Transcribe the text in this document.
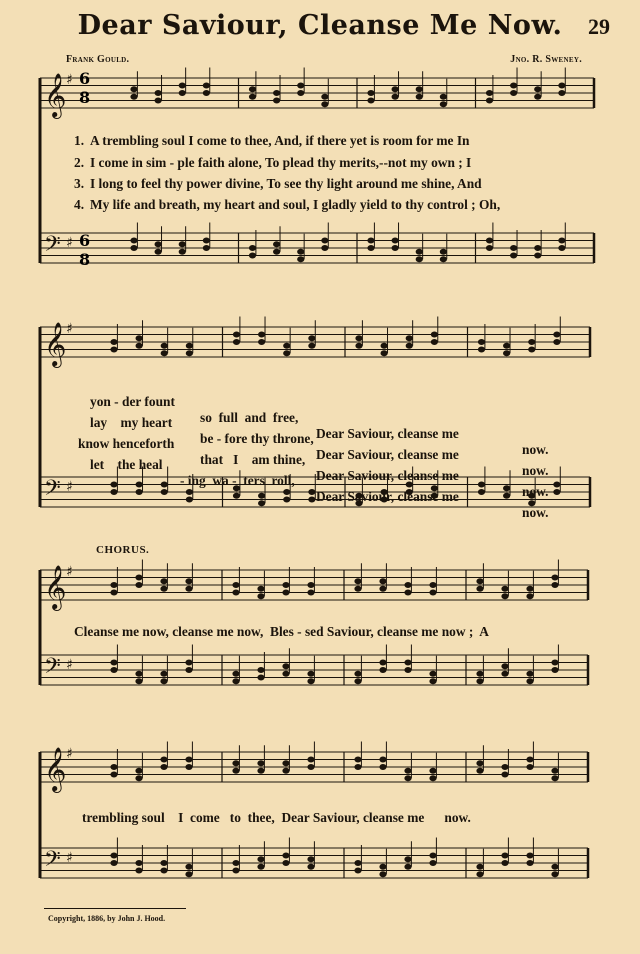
Dear Saviour, Cleanse Me Now.	29
Frank Gould.	Jno. R. Sweney.
𝄞 ♯
𝄢 ♯
𝄞 ♯
𝄢 ♯
𝄞 ♯
𝄢 ♯
𝄞 ♯
𝄢 ♯
6
8
6
8
1. A trembling soul I come to thee, And, if there yet is room for me In
2. I come in sim - ple faith alone, To plead thy merits,--not my own ; I
3. I long to feel thy power divine, To see thy light around me shine, And
4. My life and breath, my heart and soul, I gladly yield to thy control ; Oh,

yon - der fount

so  full  and  free,

Dear Saviour, cleanse me

now.

lay    my heart

be - fore thy throne,

Dear Saviour, cleanse me

now.

know henceforth

that   I    am thine,

Dear Saviour, cleanse me

now.

let    the heal

- ing  wa -  ters  roll,

Dear Saviour, cleanse me

now.

CHORUS.
Cleanse me now, cleanse me now,  Bles - sed Saviour, cleanse me now ;  A
trembling soul    I  come   to  thee,  Dear Saviour, cleanse me      now.
Copyright, 1886, by John J. Hood.
